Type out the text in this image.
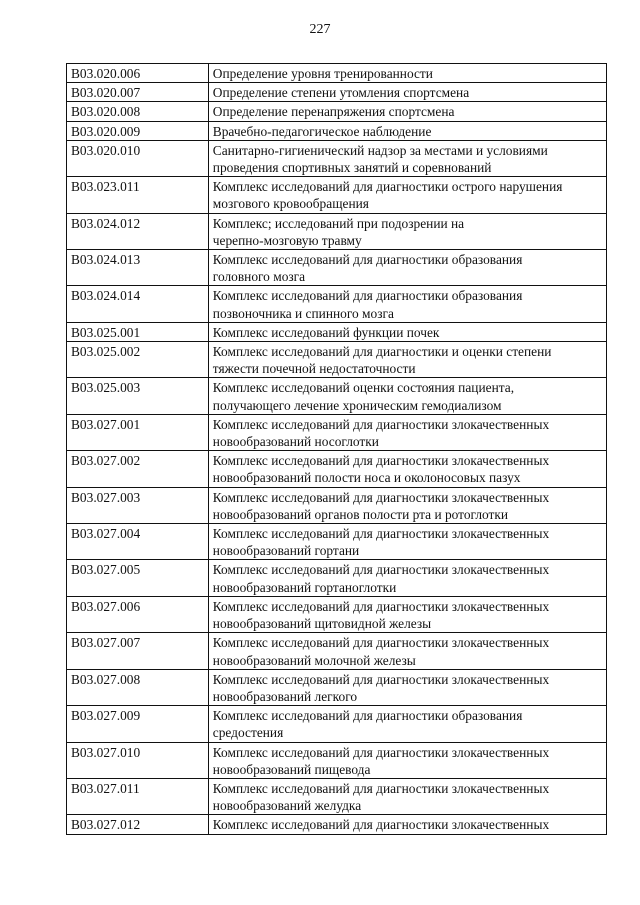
227
B03.020.006	Определение уровня тренированности
B03.020.007	Определение степени утомления спортсмена
B03.020.008	Определение перенапряжения спортсмена
B03.020.009	Врачебно-педагогическое наблюдение
B03.020.010	Санитарно-гигиенический надзор за местами и условиями
проведения спортивных занятий и соревнований
B03.023.011	Комплекс исследований для диагностики острого нарушения
мозгового кровообращения
B03.024.012	Комплекс; исследований при подозрении на
черепно-мозговую травму
B03.024.013	Комплекс исследований для диагностики образования
головного мозга
B03.024.014	Комплекс исследований для диагностики образования
позвоночника и спинного мозга
B03.025.001	Комплекс исследований функции почек
B03.025.002	Комплекс исследований для диагностики и оценки степени
тяжести почечной недостаточности
B03.025.003	Комплекс исследований оценки состояния пациента,
получающего лечение хроническим гемодиализом
B03.027.001	Комплекс исследований для диагностики злокачественных
новообразований носоглотки
B03.027.002	Комплекс исследований для диагностики злокачественных
новообразований полости носа и околоносовых пазух
B03.027.003	Комплекс исследований для диагностики злокачественных
новообразований органов полости рта и ротоглотки
B03.027.004	Комплекс исследований для диагностики злокачественных
новообразований гортани
B03.027.005	Комплекс исследований для диагностики злокачественных
новообразований гортаноглотки
B03.027.006	Комплекс исследований для диагностики злокачественных
новообразований щитовидной железы
B03.027.007	Комплекс исследований для диагностики злокачественных
новообразований молочной железы
B03.027.008	Комплекс исследований для диагностики злокачественных
новообразований легкого
B03.027.009	Комплекс исследований для диагностики образования
средостения
B03.027.010	Комплекс исследований для диагностики злокачественных
новообразований пищевода
B03.027.011	Комплекс исследований для диагностики злокачественных
новообразований желудка
B03.027.012	Комплекс исследований для диагностики злокачественных
